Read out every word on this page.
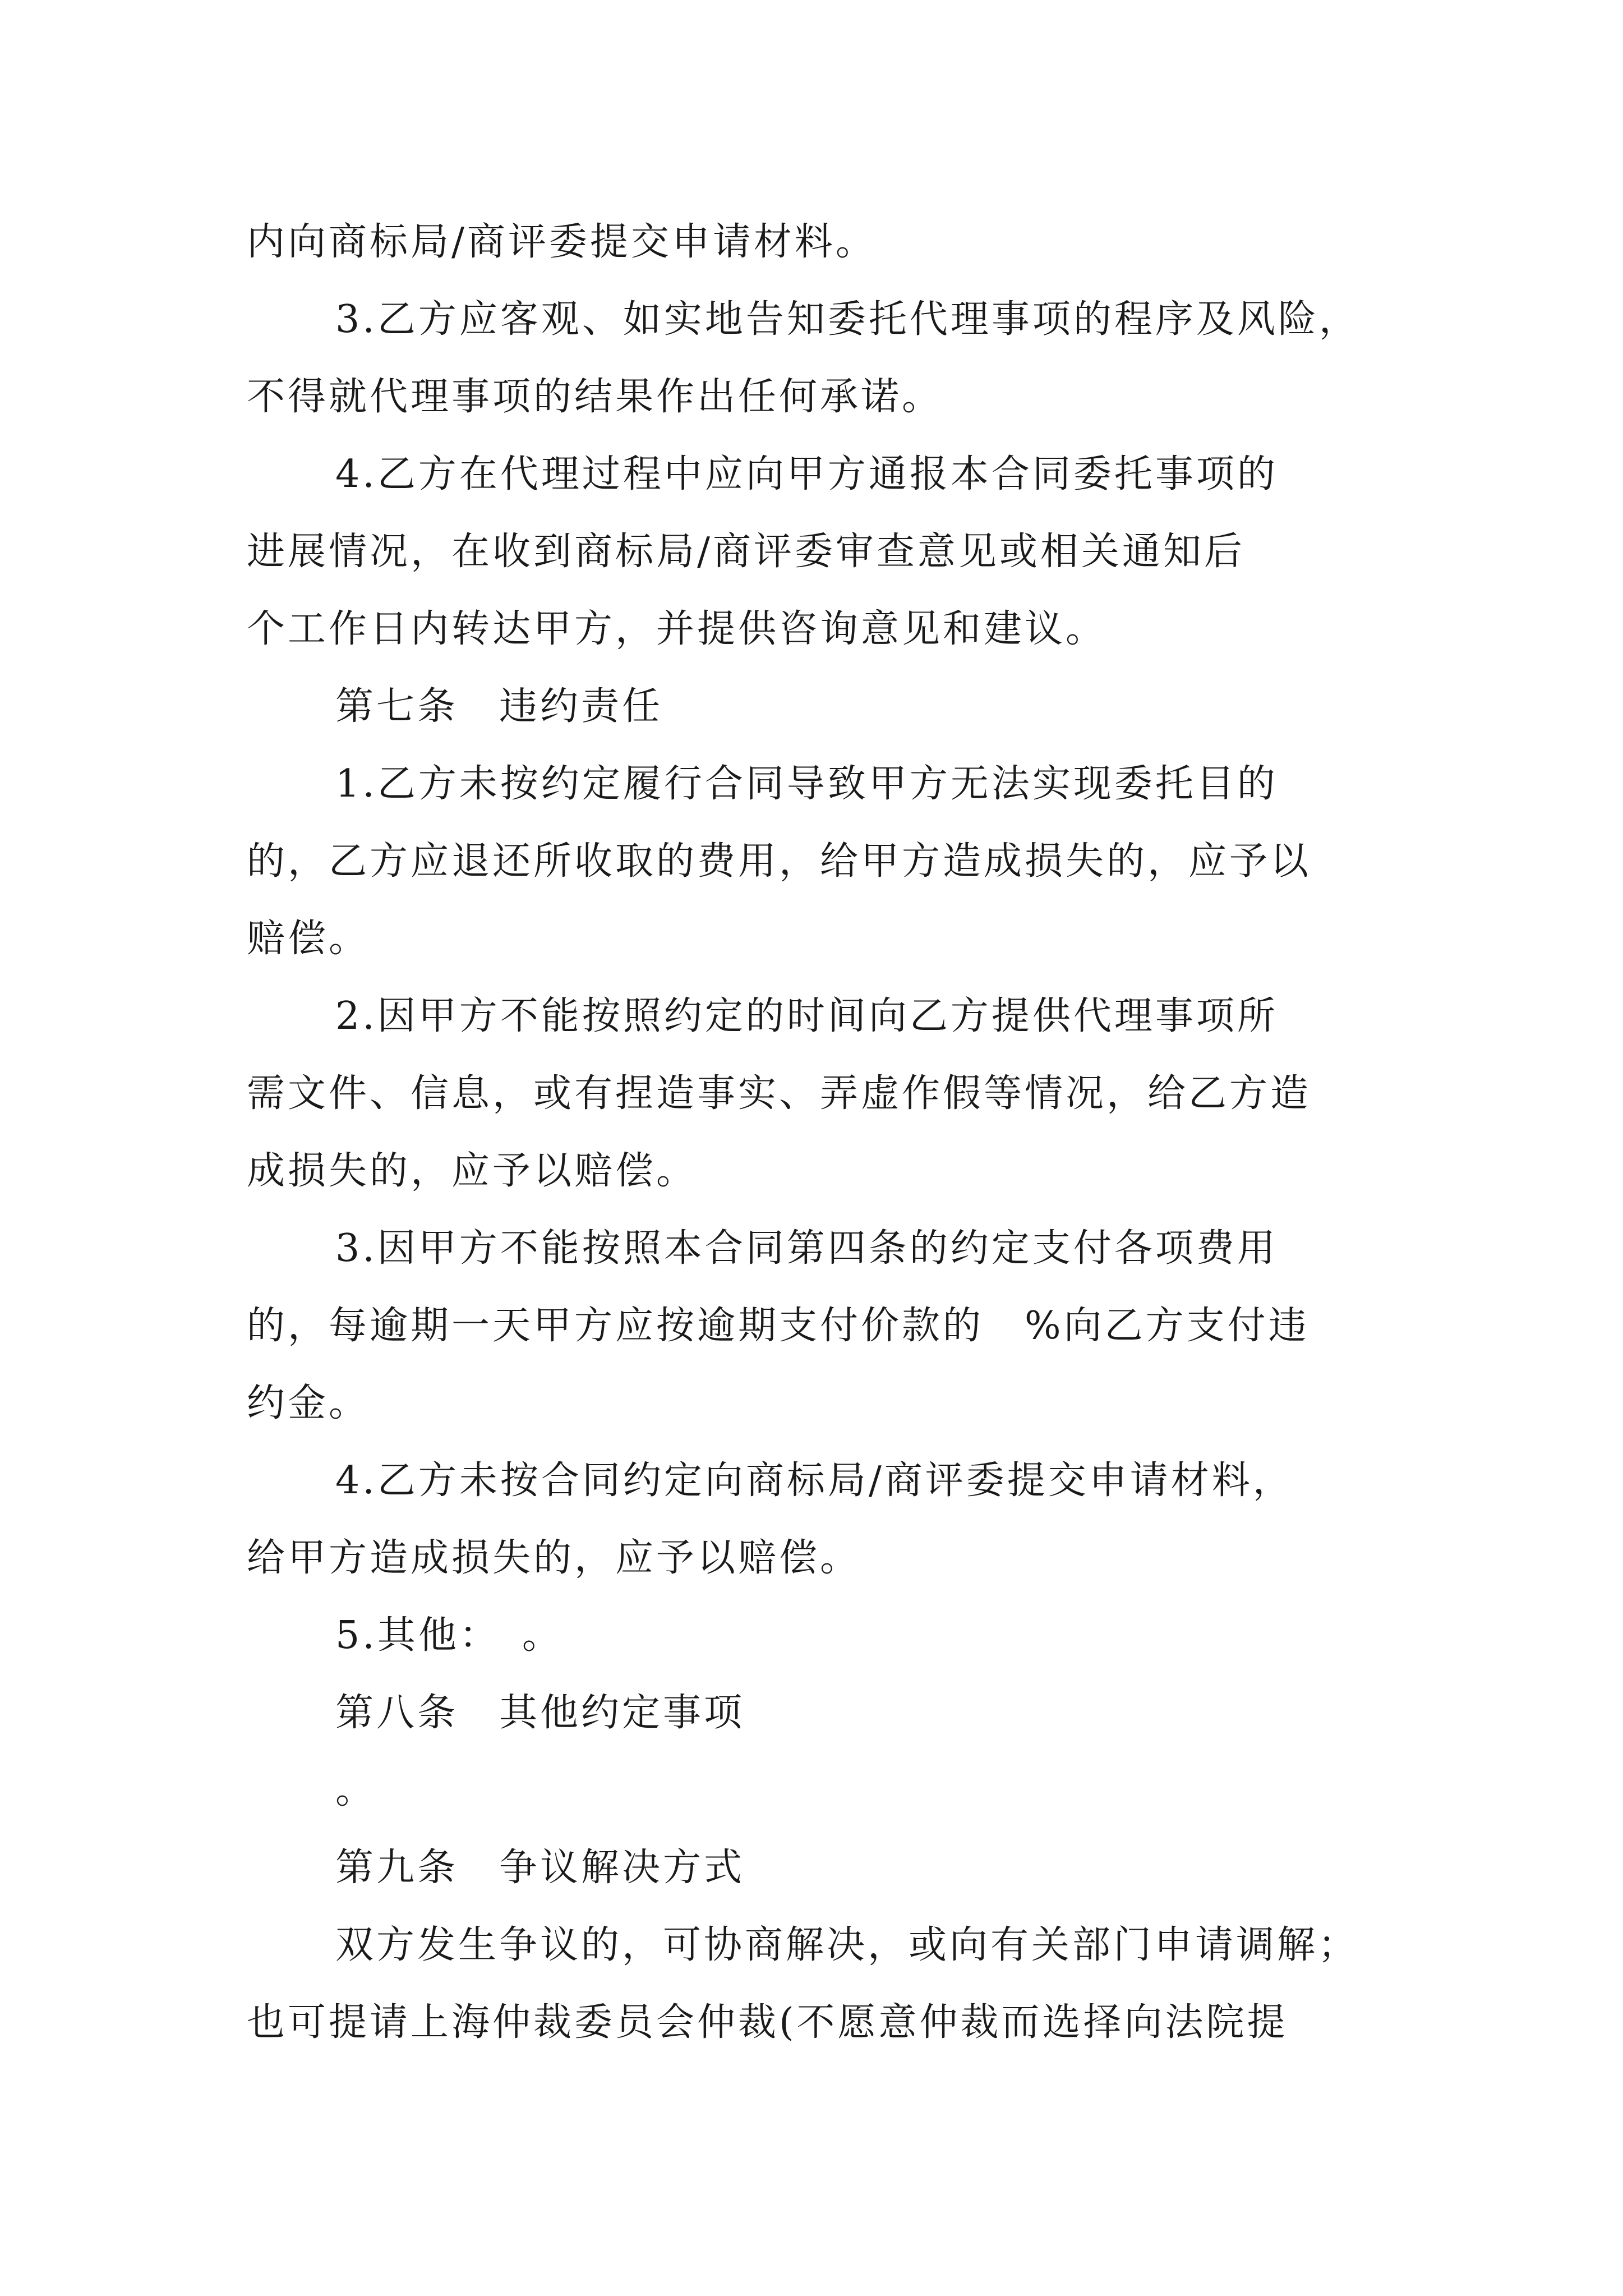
内向商标局/商评委提交申请材料。
3.乙方应客观、如实地告知委托代理事项的程序及风险，
不得就代理事项的结果作出任何承诺。
4.乙方在代理过程中应向甲方通报本合同委托事项的
进展情况，在收到商标局/商评委审查意见或相关通知后
个工作日内转达甲方，并提供咨询意见和建议。
第七条　违约责任
1.乙方未按约定履行合同导致甲方无法实现委托目的
的，乙方应退还所收取的费用，给甲方造成损失的，应予以
赔偿。
2.因甲方不能按照约定的时间向乙方提供代理事项所
需文件、信息，或有捏造事实、弄虚作假等情况，给乙方造
成损失的，应予以赔偿。
3.因甲方不能按照本合同第四条的约定支付各项费用
的，每逾期一天甲方应按逾期支付价款的　%向乙方支付违
约金。
4.乙方未按合同约定向商标局/商评委提交申请材料，
给甲方造成损失的，应予以赔偿。
5.其他：　。
第八条　其他约定事项
。
第九条　争议解决方式
双方发生争议的，可协商解决，或向有关部门申请调解；
也可提请上海仲裁委员会仲裁(不愿意仲裁而选择向法院提
